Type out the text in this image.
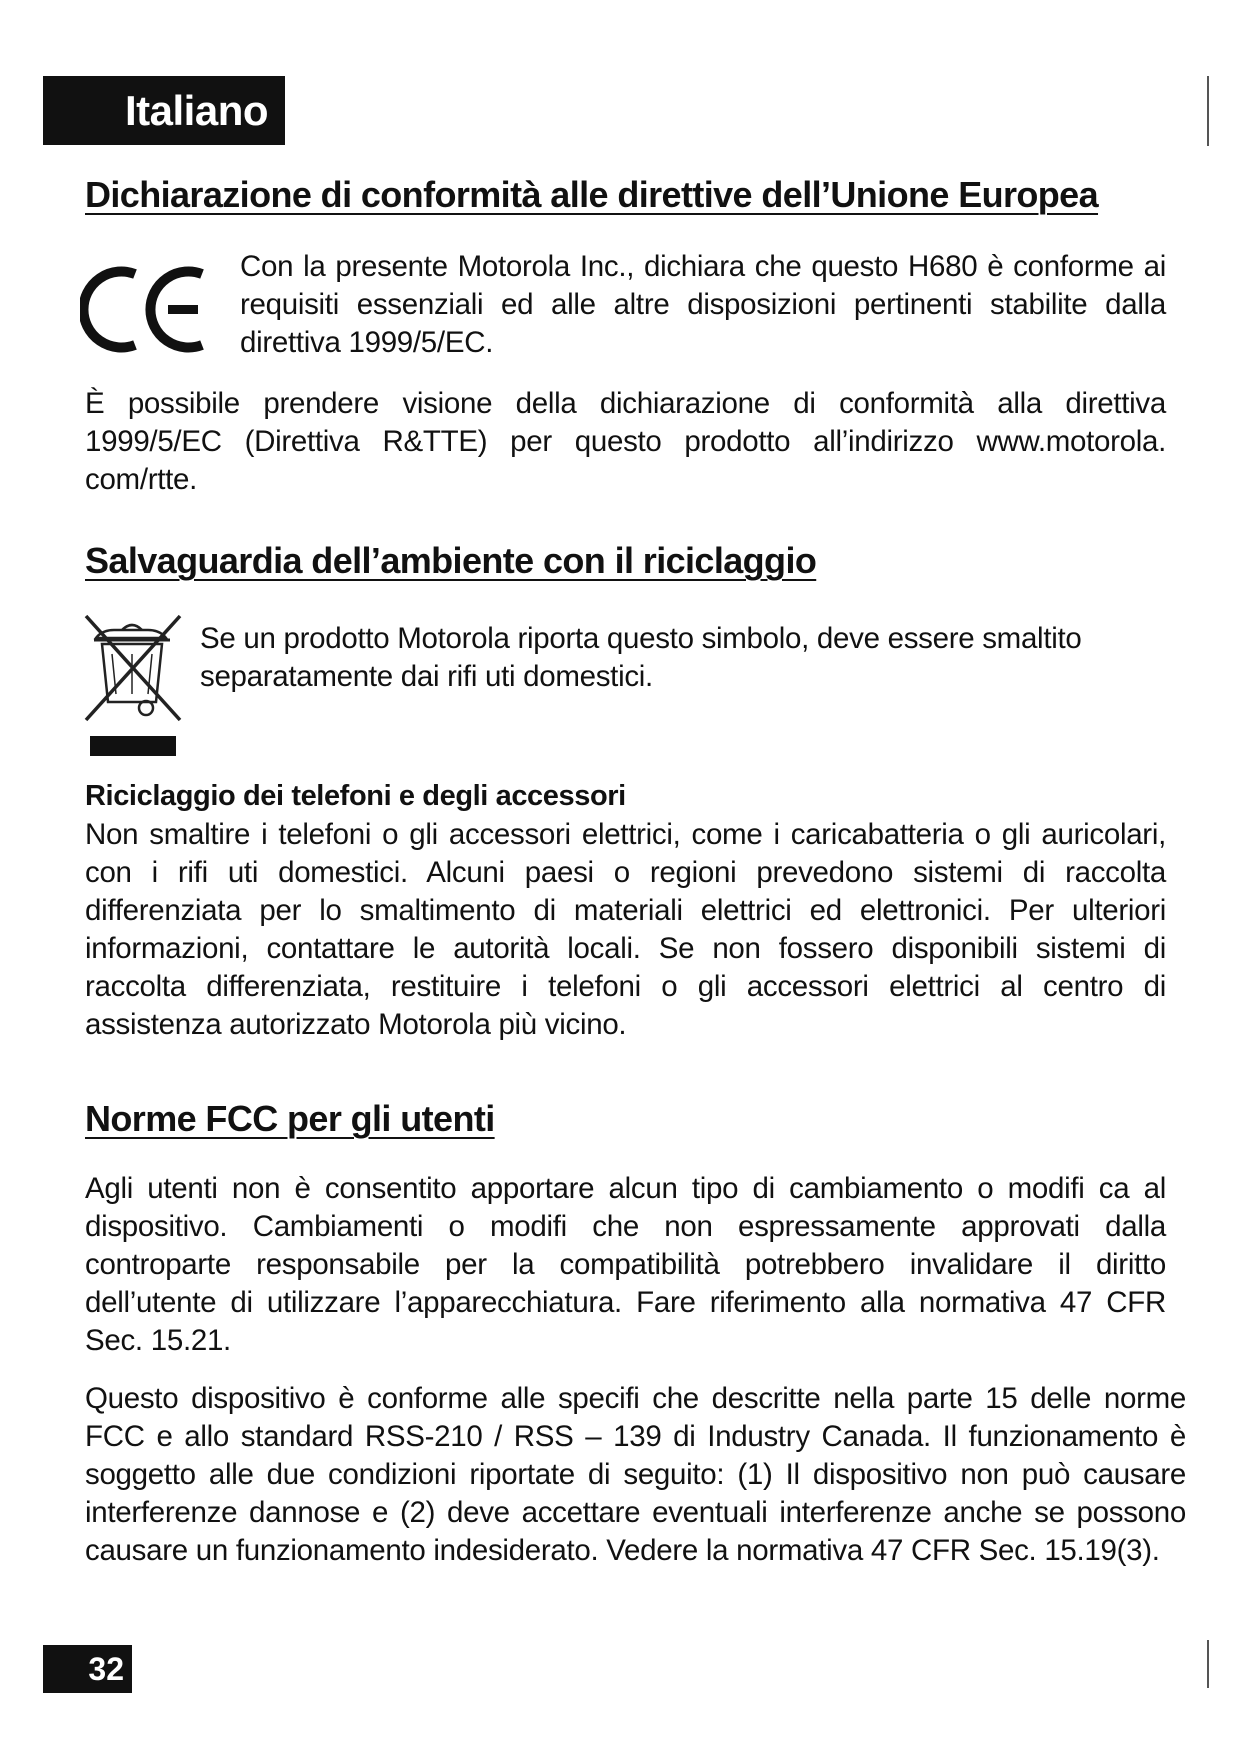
Italiano
Dichiarazione di conformità alle direttive dell’Unione Europea

Con la presente Motorola Inc., dichiara che questo H680 è conforme ai requisiti essenziali ed alle altre disposizioni pertinenti stabilite dalla direttiva 1999/5/EC.

È possibile prendere visione della dichiarazione di conformità alla direttiva 1999/5/EC (Direttiva R&TTE) per questo prodotto all’indirizzo www.motorola. com/rtte.

Salvaguardia dell’ambiente con il riciclaggio

Se un prodotto Motorola riporta questo simbolo, deve essere smaltito separatamente dai rifi uti domestici.

Riciclaggio dei telefoni e degli accessori

Non smaltire i telefoni o gli accessori elettrici, come i caricabatteria o gli auricolari, con i rifi uti domestici. Alcuni paesi o regioni prevedono sistemi di raccolta differenziata per lo smaltimento di materiali elettrici ed elettronici. Per ulteriori informazioni, contattare le autorità locali. Se non fossero disponibili sistemi di raccolta differenziata, restituire i telefoni o gli accessori elettrici al centro di assistenza autorizzato Motorola più vicino.

Norme FCC per gli utenti

Agli utenti non è consentito apportare alcun tipo di cambiamento o modifi ca al dispositivo. Cambiamenti o modifi che non espressamente approvati dalla controparte responsabile per la compatibilità potrebbero invalidare il diritto dell’utente di utilizzare l’apparecchiatura. Fare riferimento alla normativa 47 CFR Sec. 15.21.

Questo dispositivo è conforme alle specifi che descritte nella parte 15 delle norme FCC e allo standard RSS-210 / RSS – 139 di Industry Canada. Il funzionamento è soggetto alle due condizioni riportate di seguito: (1) Il dispositivo non può causare interferenze dannose e (2) deve accettare eventuali interferenze anche se possono causare un funzionamento indesiderato. Vedere la normativa 47 CFR Sec. 15.19(3).

32
